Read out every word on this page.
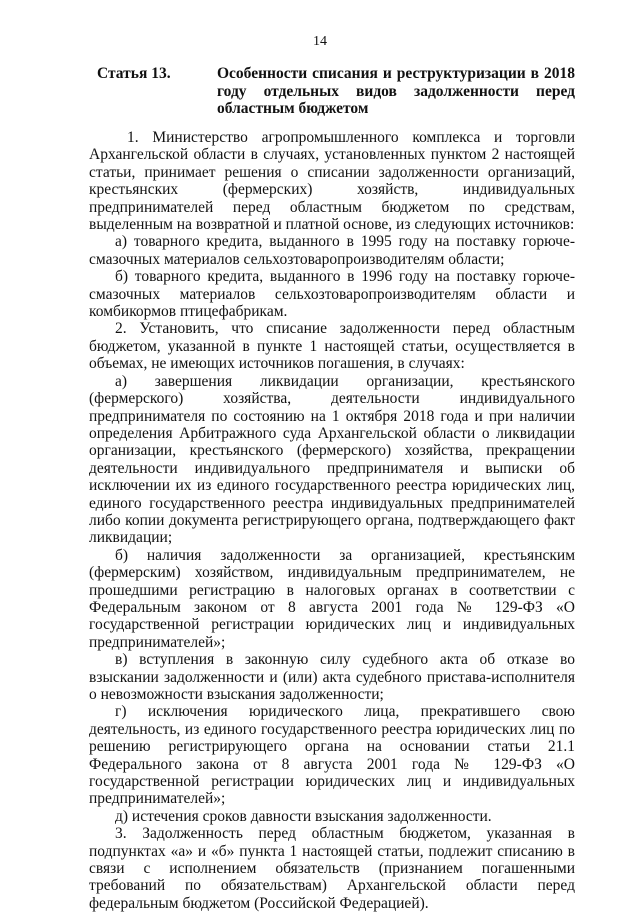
14
Статья 13.	Особенности списания и реструктуризации в 2018 году отдельных видов задолженности перед областным бюджетом

1. Министерство агропромышленного комплекса и торговли Архангельской области в случаях, установленных пунктом 2 настоящей статьи, принимает решения о списании задолженности организаций, крестьянских (фермерских) хозяйств, индивидуальных предпринимателей перед областным бюджетом по средствам, выделенным на возвратной и платной основе, из следующих источников:

а) товарного кредита, выданного в 1995 году на поставку горюче-смазочных материалов сельхозтоваропроизводителям области;

б) товарного кредита, выданного в 1996 году на поставку горюче-смазочных материалов сельхозтоваропроизводителям области и комбикормов птицефабрикам.

2. Установить, что списание задолженности перед областным бюджетом, указанной в пункте 1 настоящей статьи, осуществляется в объемах, не имеющих источников погашения, в случаях:

а) завершения ликвидации организации, крестьянского (фермерского) хозяйства, деятельности индивидуального предпринимателя по состоянию на 1 октября 2018 года и при наличии определения Арбитражного суда Архангельской области о ликвидации организации, крестьянского (фермерского) хозяйства, прекращении деятельности индивидуального предпринимателя и выписки об исключении их из единого государственного реестра юридических лиц, единого государственного реестра индивидуальных предпринимателей либо копии документа регистрирующего органа, подтверждающего факт ликвидации;

б) наличия задолженности за организацией, крестьянским (фермерским) хозяйством, индивидуальным предпринимателем, не прошедшими регистрацию в налоговых органах в соответствии с Федеральным законом от 8 августа 2001 года № 129-ФЗ «О государственной регистрации юридических лиц и индивидуальных предпринимателей»;

в) вступления в законную силу судебного акта об отказе во взыскании задолженности и (или) акта судебного пристава-исполнителя о невозможности взыскания задолженности;

г) исключения юридического лица, прекратившего свою деятельность, из единого государственного реестра юридических лиц по решению регистрирующего органа на основании статьи 21.1 Федерального закона от 8 августа 2001 года № 129-ФЗ «О государственной регистрации юридических лиц и индивидуальных предпринимателей»;

д) истечения сроков давности взыскания задолженности.

3. Задолженность перед областным бюджетом, указанная в подпунктах «а» и «б» пункта 1 настоящей статьи, подлежит списанию в связи с исполнением обязательств (признанием погашенными требований по обязательствам) Архангельской области перед федеральным бюджетом (Российской Федерацией).
